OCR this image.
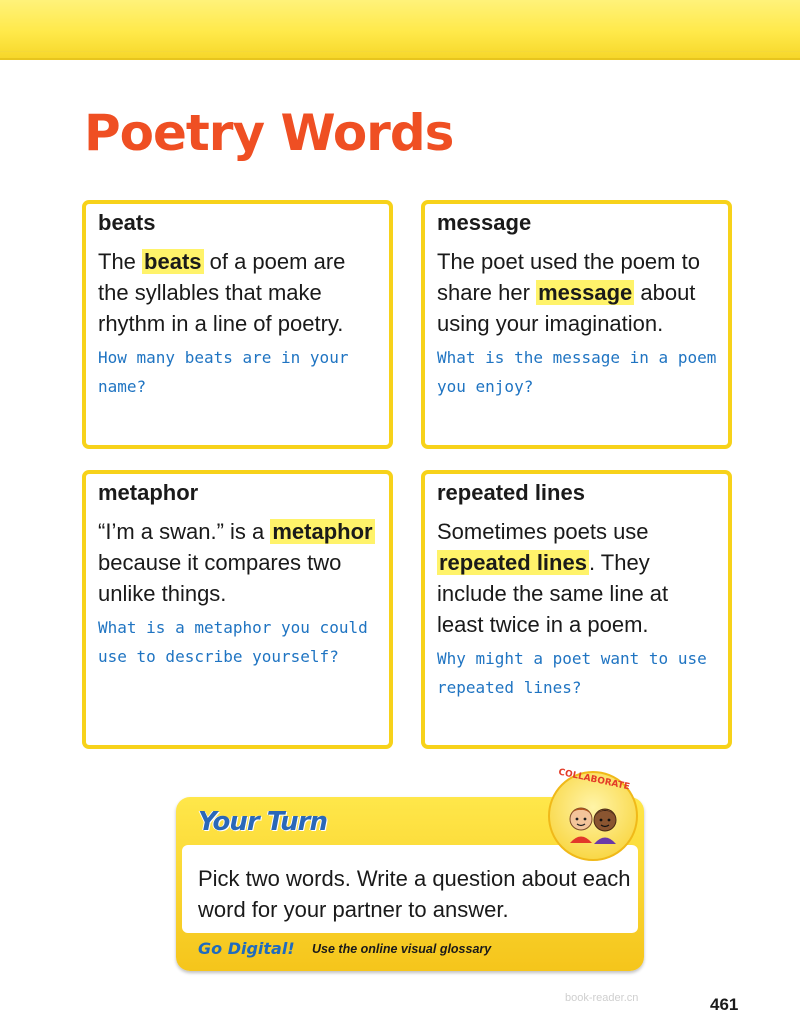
Poetry Words
beats

The beats of a poem are the syllables that make rhythm in a line of poetry.

How many beats are in your name?
message

The poet used the poem to share her message about using your imagination.

What is the message in a poem you enjoy?
metaphor

“I’m a swan.” is a metaphor because it compares two unlike things.

What is a metaphor you could use to describe yourself?
repeated lines

Sometimes poets use repeated lines. They include the same line at least twice in a poem.

Why might a poet want to use repeated lines?
Your Turn
Pick two words. Write a question about each word for your partner to answer.
Go Digital! Use the online visual glossary
COLLABORATE
book-reader.cn	461
